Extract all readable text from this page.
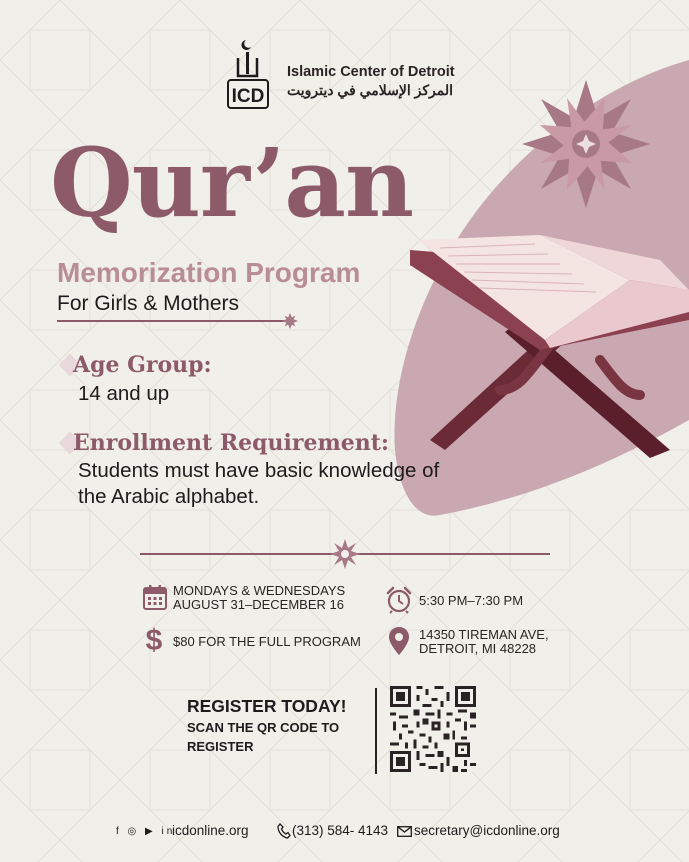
ICD
Islamic Center of Detroit
المركز الإسلامي في ديترويت
Qur’an
Memorization Program
For Girls & Mothers
Age Group:
14 and up
Enrollment Requirement:
Students must have basic knowledge of the Arabic alphabet.
MONDAYS & WEDNESDAYS
AUGUST 31–DECEMBER 16	5:30 PM–7:30 PM
$ $80 FOR THE FULL PROGRAM	14350 TIREMAN AVE,
DETROIT, MI 48228
REGISTER TODAY!
SCAN THE QR CODE TO
REGISTER
f ◎ ▶ in
icdonline.org	(313) 584- 4143 secretary@icdonline.org
